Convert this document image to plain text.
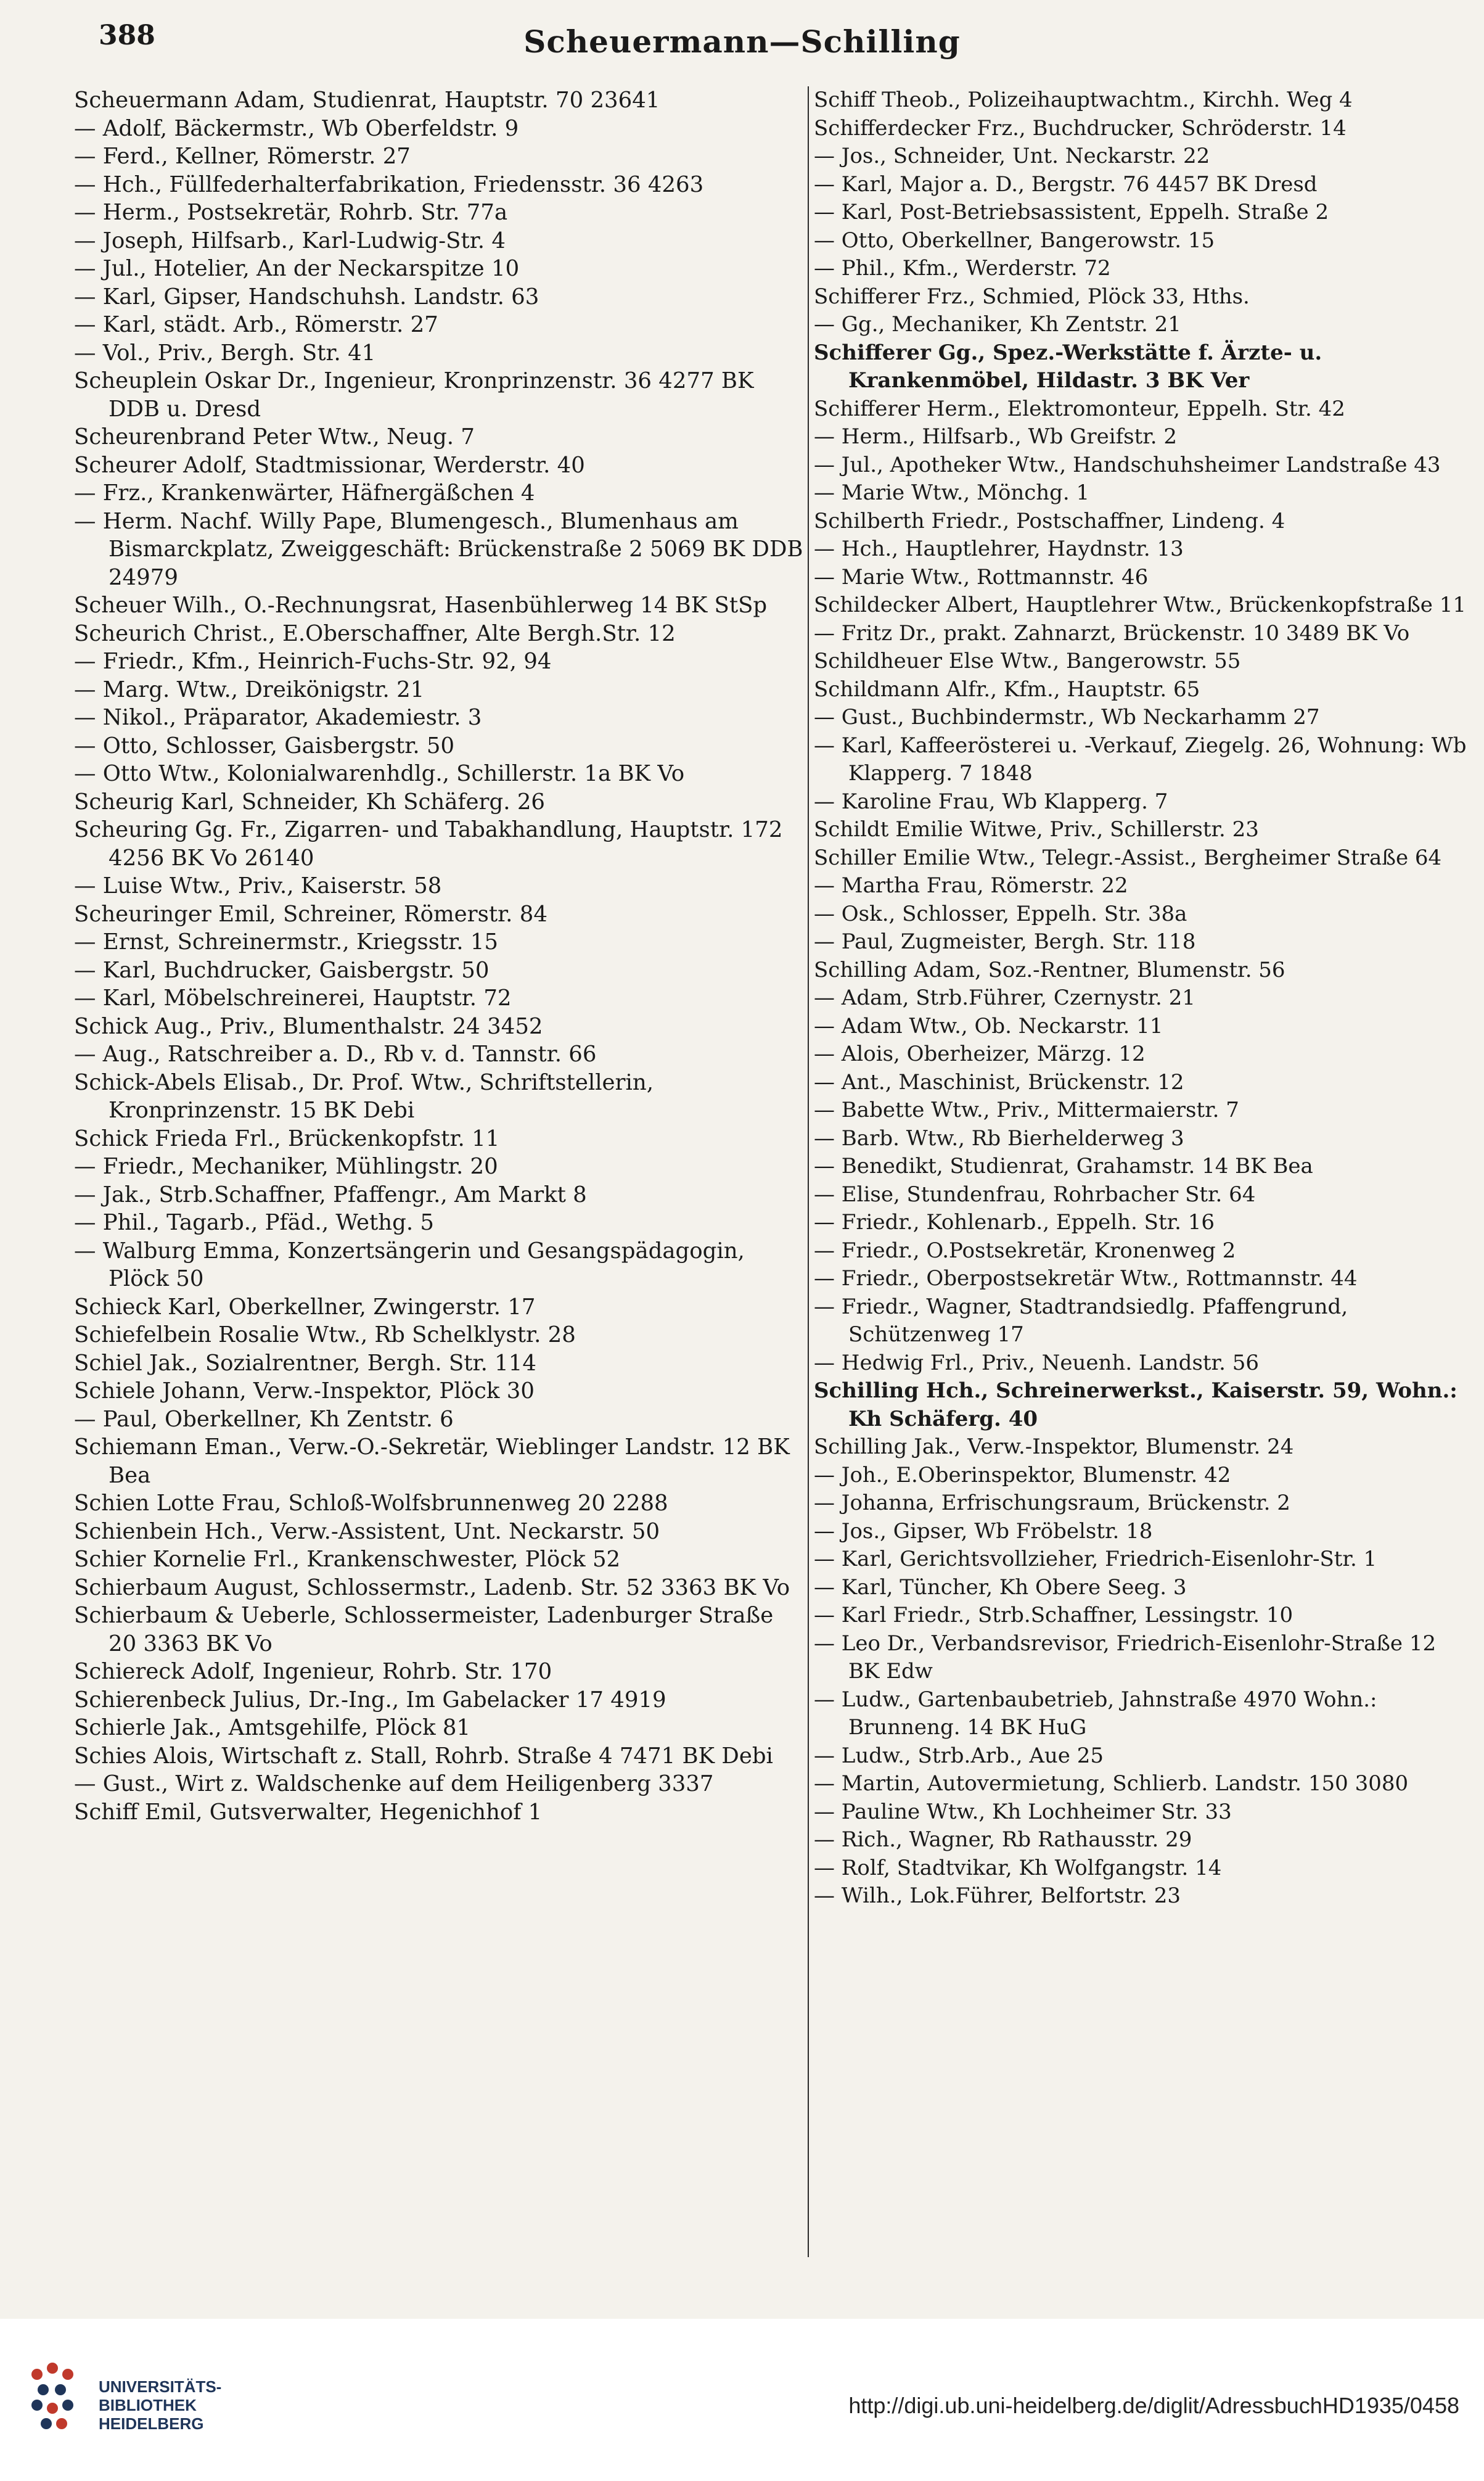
388	Scheuermann—Schilling
Scheuermann Adam, Studienrat, Hauptstr. 70 23641
— Adolf, Bäckermstr., Wb Oberfeldstr. 9
— Ferd., Kellner, Römerstr. 27
— Hch., Füllfederhalterfabrikation, Friedensstr. 36 4263
— Herm., Postsekretär, Rohrb. Str. 77a
— Joseph, Hilfsarb., Karl-Ludwig-Str. 4
— Jul., Hotelier, An der Neckarspitze 10
— Karl, Gipser, Handschuhsh. Landstr. 63
— Karl, städt. Arb., Römerstr. 27
— Vol., Priv., Bergh. Str. 41
Scheuplein Oskar Dr., Ingenieur, Kronprinzenstr. 36 4277 BK DDB u. Dresd
Scheurenbrand Peter Wtw., Neug. 7
Scheurer Adolf, Stadtmissionar, Werderstr. 40
— Frz., Krankenwärter, Häfnergäßchen 4
— Herm. Nachf. Willy Pape, Blumengesch., Blumenhaus am Bismarckplatz, Zweiggeschäft: Brückenstraße 2 5069 BK DDB 24979
Scheuer Wilh., O.-Rechnungsrat, Hasenbühlerweg 14 BK StSp
Scheurich Christ., E.Oberschaffner, Alte Bergh.Str. 12
— Friedr., Kfm., Heinrich-Fuchs-Str. 92, 94
— Marg. Wtw., Dreikönigstr. 21
— Nikol., Präparator, Akademiestr. 3
— Otto, Schlosser, Gaisbergstr. 50
— Otto Wtw., Kolonialwarenhdlg., Schillerstr. 1a BK Vo
Scheurig Karl, Schneider, Kh Schäferg. 26
Scheuring Gg. Fr., Zigarren- und Tabakhandlung, Hauptstr. 172 4256 BK Vo 26140
— Luise Wtw., Priv., Kaiserstr. 58
Scheuringer Emil, Schreiner, Römerstr. 84
— Ernst, Schreinermstr., Kriegsstr. 15
— Karl, Buchdrucker, Gaisbergstr. 50
— Karl, Möbelschreinerei, Hauptstr. 72
Schick Aug., Priv., Blumenthalstr. 24 3452
— Aug., Ratschreiber a. D., Rb v. d. Tannstr. 66
Schick-Abels Elisab., Dr. Prof. Wtw., Schriftstellerin, Kronprinzenstr. 15 BK Debi
Schick Frieda Frl., Brückenkopfstr. 11
— Friedr., Mechaniker, Mühlingstr. 20
— Jak., Strb.Schaffner, Pfaffengr., Am Markt 8
— Phil., Tagarb., Pfäd., Wethg. 5
— Walburg Emma, Konzertsängerin und Gesangspädagogin, Plöck 50
Schieck Karl, Oberkellner, Zwingerstr. 17
Schiefelbein Rosalie Wtw., Rb Schelklystr. 28
Schiel Jak., Sozialrentner, Bergh. Str. 114
Schiele Johann, Verw.-Inspektor, Plöck 30
— Paul, Oberkellner, Kh Zentstr. 6
Schiemann Eman., Verw.-O.-Sekretär, Wieblinger Landstr. 12 BK Bea
Schien Lotte Frau, Schloß-Wolfsbrunnenweg 20 2288
Schienbein Hch., Verw.-Assistent, Unt. Neckarstr. 50
Schier Kornelie Frl., Krankenschwester, Plöck 52
Schierbaum August, Schlossermstr., Ladenb. Str. 52 3363 BK Vo
Schierbaum & Ueberle, Schlossermeister, Ladenburger Straße 20 3363 BK Vo
Schiereck Adolf, Ingenieur, Rohrb. Str. 170
Schierenbeck Julius, Dr.-Ing., Im Gabelacker 17 4919
Schierle Jak., Amtsgehilfe, Plöck 81
Schies Alois, Wirtschaft z. Stall, Rohrb. Straße 4 7471 BK Debi
— Gust., Wirt z. Waldschenke auf dem Heiligenberg 3337
Schiff Emil, Gutsverwalter, Hegenichhof 1
Schiff Theob., Polizeihauptwachtm., Kirchh. Weg 4
Schifferdecker Frz., Buchdrucker, Schröderstr. 14
— Jos., Schneider, Unt. Neckarstr. 22
— Karl, Major a. D., Bergstr. 76 4457 BK Dresd
— Karl, Post-Betriebsassistent, Eppelh. Straße 2
— Otto, Oberkellner, Bangerowstr. 15
— Phil., Kfm., Werderstr. 72
Schifferer Frz., Schmied, Plöck 33, Hths.
— Gg., Mechaniker, Kh Zentstr. 21
Schifferer Gg., Spez.-Werkstätte f. Ärzte- u. Krankenmöbel, Hildastr. 3 BK Ver
Schifferer Herm., Elektromonteur, Eppelh. Str. 42
— Herm., Hilfsarb., Wb Greifstr. 2
— Jul., Apotheker Wtw., Handschuhsheimer Landstraße 43
— Marie Wtw., Mönchg. 1
Schilberth Friedr., Postschaffner, Lindeng. 4
— Hch., Hauptlehrer, Haydnstr. 13
— Marie Wtw., Rottmannstr. 46
Schildecker Albert, Hauptlehrer Wtw., Brückenkopfstraße 11
— Fritz Dr., prakt. Zahnarzt, Brückenstr. 10 3489 BK Vo
Schildheuer Else Wtw., Bangerowstr. 55
Schildmann Alfr., Kfm., Hauptstr. 65
— Gust., Buchbindermstr., Wb Neckarhamm 27
— Karl, Kaffeerösterei u. -Verkauf, Ziegelg. 26, Wohnung: Wb Klapperg. 7 1848
— Karoline Frau, Wb Klapperg. 7
Schildt Emilie Witwe, Priv., Schillerstr. 23
Schiller Emilie Wtw., Telegr.-Assist., Bergheimer Straße 64
— Martha Frau, Römerstr. 22
— Osk., Schlosser, Eppelh. Str. 38a
— Paul, Zugmeister, Bergh. Str. 118
Schilling Adam, Soz.-Rentner, Blumenstr. 56
— Adam, Strb.Führer, Czernystr. 21
— Adam Wtw., Ob. Neckarstr. 11
— Alois, Oberheizer, Märzg. 12
— Ant., Maschinist, Brückenstr. 12
— Babette Wtw., Priv., Mittermaierstr. 7
— Barb. Wtw., Rb Bierhelderweg 3
— Benedikt, Studienrat, Grahamstr. 14 BK Bea
— Elise, Stundenfrau, Rohrbacher Str. 64
— Friedr., Kohlenarb., Eppelh. Str. 16
— Friedr., O.Postsekretär, Kronenweg 2
— Friedr., Oberpostsekretär Wtw., Rottmannstr. 44
— Friedr., Wagner, Stadtrandsiedlg. Pfaffengrund, Schützenweg 17
— Hedwig Frl., Priv., Neuenh. Landstr. 56
Schilling Hch., Schreinerwerkst., Kaiserstr. 59, Wohn.: Kh Schäferg. 40
Schilling Jak., Verw.-Inspektor, Blumenstr. 24
— Joh., E.Oberinspektor, Blumenstr. 42
— Johanna, Erfrischungsraum, Brückenstr. 2
— Jos., Gipser, Wb Fröbelstr. 18
— Karl, Gerichtsvollzieher, Friedrich-Eisenlohr-Str. 1
— Karl, Tüncher, Kh Obere Seeg. 3
— Karl Friedr., Strb.Schaffner, Lessingstr. 10
— Leo Dr., Verbandsrevisor, Friedrich-Eisenlohr-Straße 12 BK Edw
— Ludw., Gartenbaubetrieb, Jahnstraße 4970 Wohn.: Brunneng. 14 BK HuG
— Ludw., Strb.Arb., Aue 25
— Martin, Autovermietung, Schlierb. Landstr. 150 3080
— Pauline Wtw., Kh Lochheimer Str. 33
— Rich., Wagner, Rb Rathausstr. 29
— Rolf, Stadtvikar, Kh Wolfgangstr. 14
— Wilh., Lok.Führer, Belfortstr. 23
UNIVERSITÄTS-
BIBLIOTHEK
HEIDELBERG
http://digi.ub.uni-heidelberg.de/diglit/AdressbuchHD1935/0458
